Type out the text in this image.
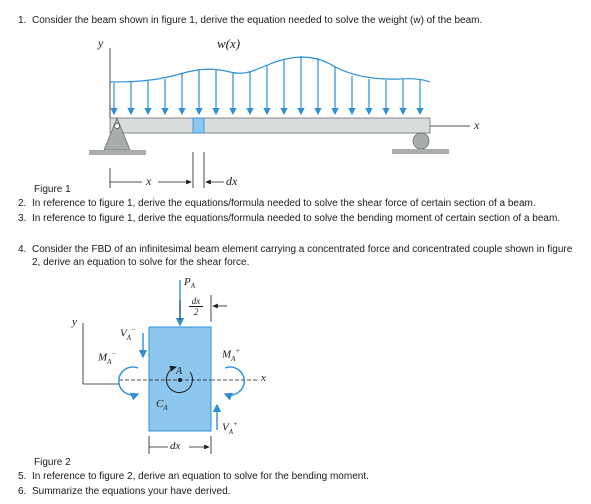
1. Consider the beam shown in figure 1, derive the equation needed to solve the weight (w) of the beam.
y
x
w(x)
x	dx
Figure 1
2. In reference to figure 1, derive the equations/formula needed to solve the shear force of certain section of a beam.
3. In reference to figure 1, derive the equations/formula needed to solve the bending moment of certain section of a beam.
4. Consider the FBD of an infinitesimal beam element carrying a concentrated force and concentrated couple shown in figure 2, derive an equation to solve for the shear force.
y
x
$P_A$
dx
2
$V_A^-$
$M_A^-$	$M_A^+$
$V_A^+$
$C_A$
A
dx
Figure 2
5. In reference to figure 2, derive an equation to solve for the bending moment.
6. Summarize the equations your have derived.
